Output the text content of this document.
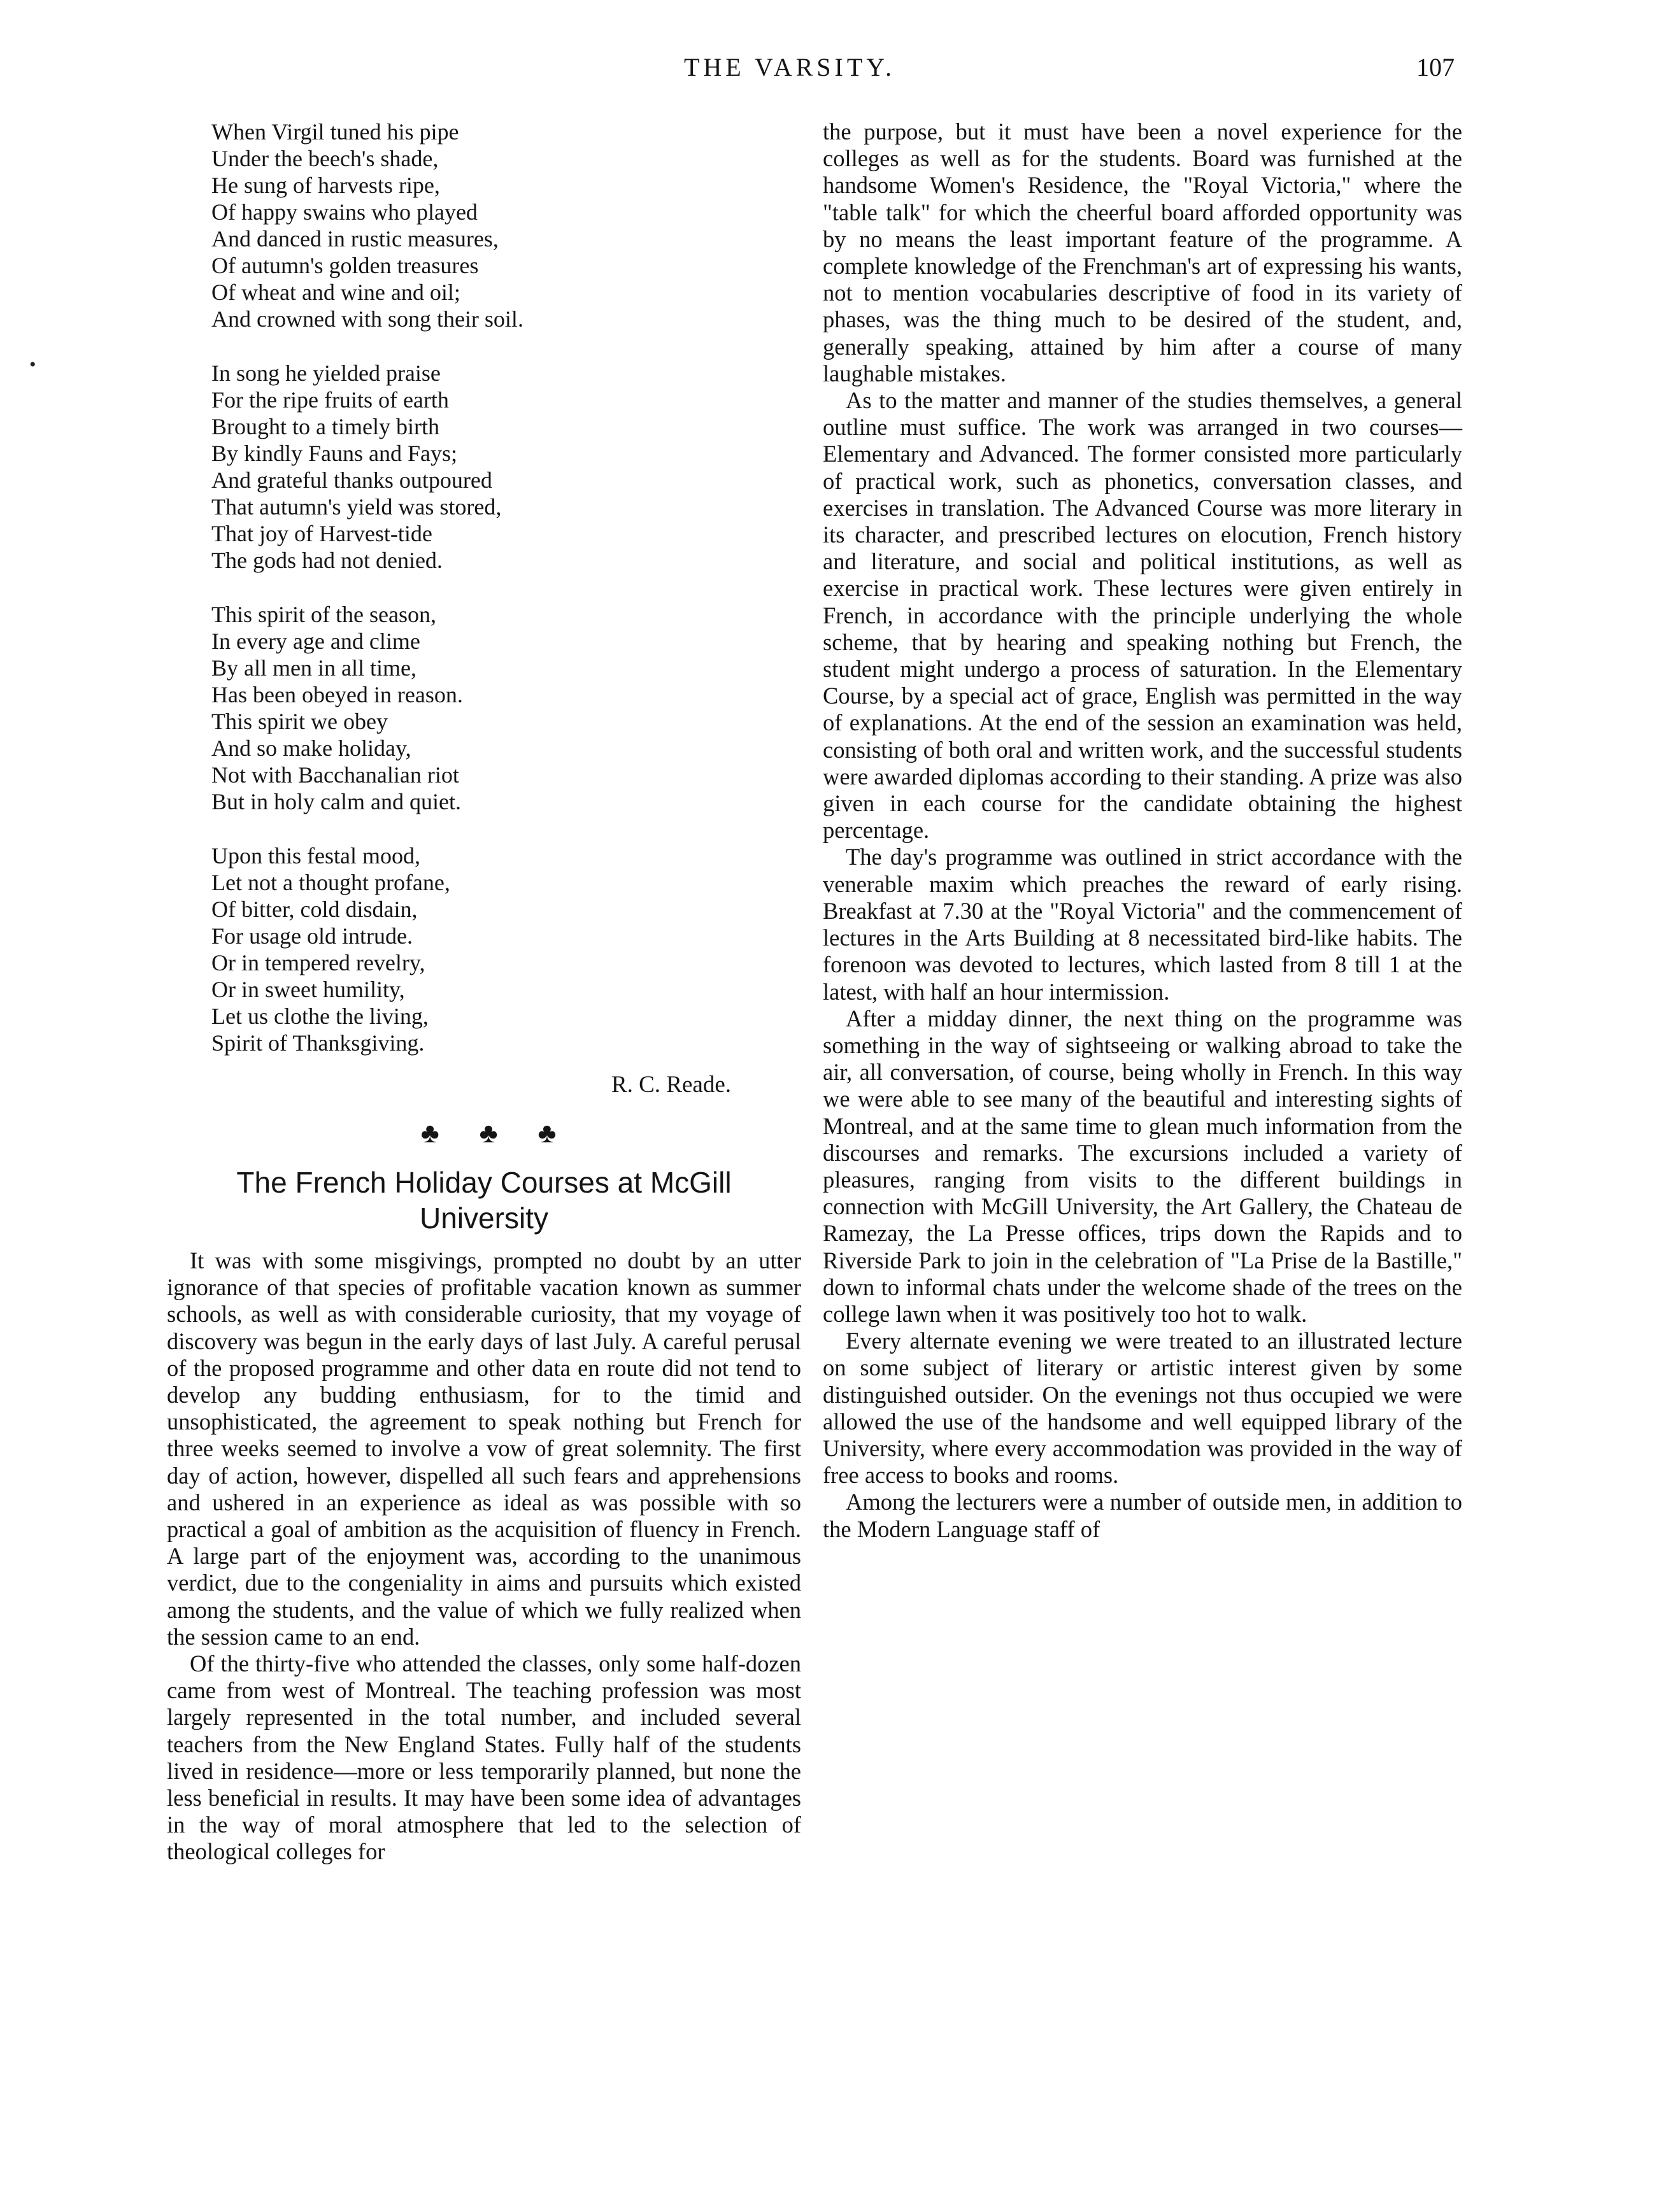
THE VARSITY.	107
•
When Virgil tuned his pipe
Under the beech's shade,
He sung of harvests ripe,
Of happy swains who played
And danced in rustic measures,
Of autumn's golden treasures
Of wheat and wine and oil;
And crowned with song their soil.
In song he yielded praise
For the ripe fruits of earth
Brought to a timely birth
By kindly Fauns and Fays;
And grateful thanks outpoured
That autumn's yield was stored,
That joy of Harvest-tide
The gods had not denied.
This spirit of the season,
In every age and clime
By all men in all time,
Has been obeyed in reason.
This spirit we obey
And so make holiday,
Not with Bacchanalian riot
But in holy calm and quiet.
Upon this festal mood,
Let not a thought profane,
Of bitter, cold disdain,
For usage old intrude.
Or in tempered revelry,
Or in sweet humility,
Let us clothe the living,
Spirit of Thanksgiving.
R. C. Reade.
♣ ♣ ♣
The French Holiday Courses at McGill
University

It was with some misgivings, prompted no doubt by an utter ignorance of that species of profitable vacation known as summer schools, as well as with considerable curiosity, that my voyage of discovery was begun in the early days of last July. A careful perusal of the proposed programme and other data en route did not tend to develop any budding enthusiasm, for to the timid and unsophisticated, the agreement to speak nothing but French for three weeks seemed to involve a vow of great solemnity. The first day of action, however, dispelled all such fears and apprehensions and ushered in an experience as ideal as was possible with so practical a goal of ambition as the acquisition of fluency in French. A large part of the enjoyment was, according to the unanimous verdict, due to the congeniality in aims and pursuits which existed among the students, and the value of which we fully realized when the session came to an end.

Of the thirty-five who attended the classes, only some half-dozen came from west of Montreal. The teaching profession was most largely represented in the total number, and included several teachers from the New England States. Fully half of the students lived in residence—more or less temporarily planned, but none the less beneficial in results. It may have been some idea of advantages in the way of moral atmosphere that led to the selection of theological colleges for

the purpose, but it must have been a novel experience for the colleges as well as for the students. Board was furnished at the handsome Women's Residence, the "Royal Victoria," where the "table talk" for which the cheerful board afforded opportunity was by no means the least important feature of the programme. A complete knowledge of the Frenchman's art of expressing his wants, not to mention vocabularies descriptive of food in its variety of phases, was the thing much to be desired of the student, and, generally speaking, attained by him after a course of many laughable mistakes.

As to the matter and manner of the studies themselves, a general outline must suffice. The work was arranged in two courses—Elementary and Advanced. The former consisted more particularly of practical work, such as phonetics, conversation classes, and exercises in translation. The Advanced Course was more literary in its character, and prescribed lectures on elocution, French history and literature, and social and political institutions, as well as exercise in practical work. These lectures were given entirely in French, in accordance with the principle underlying the whole scheme, that by hearing and speaking nothing but French, the student might undergo a process of saturation. In the Elementary Course, by a special act of grace, English was permitted in the way of explanations. At the end of the session an examination was held, consisting of both oral and written work, and the successful students were awarded diplomas according to their standing. A prize was also given in each course for the candidate obtaining the highest percentage.

The day's programme was outlined in strict accordance with the venerable maxim which preaches the reward of early rising. Breakfast at 7.30 at the "Royal Victoria" and the commencement of lectures in the Arts Building at 8 necessitated bird-like habits. The forenoon was devoted to lectures, which lasted from 8 till 1 at the latest, with half an hour intermission.

After a midday dinner, the next thing on the programme was something in the way of sightseeing or walking abroad to take the air, all conversation, of course, being wholly in French. In this way we were able to see many of the beautiful and interesting sights of Montreal, and at the same time to glean much information from the discourses and remarks. The excursions included a variety of pleasures, ranging from visits to the different buildings in connection with McGill University, the Art Gallery, the Chateau de Ramezay, the La Presse offices, trips down the Rapids and to Riverside Park to join in the celebration of "La Prise de la Bastille," down to informal chats under the welcome shade of the trees on the college lawn when it was positively too hot to walk.

Every alternate evening we were treated to an illustrated lecture on some subject of literary or artistic interest given by some distinguished outsider. On the evenings not thus occupied we were allowed the use of the handsome and well equipped library of the University, where every accommodation was provided in the way of free access to books and rooms.

Among the lecturers were a number of outside men, in addition to the Modern Language staff of
